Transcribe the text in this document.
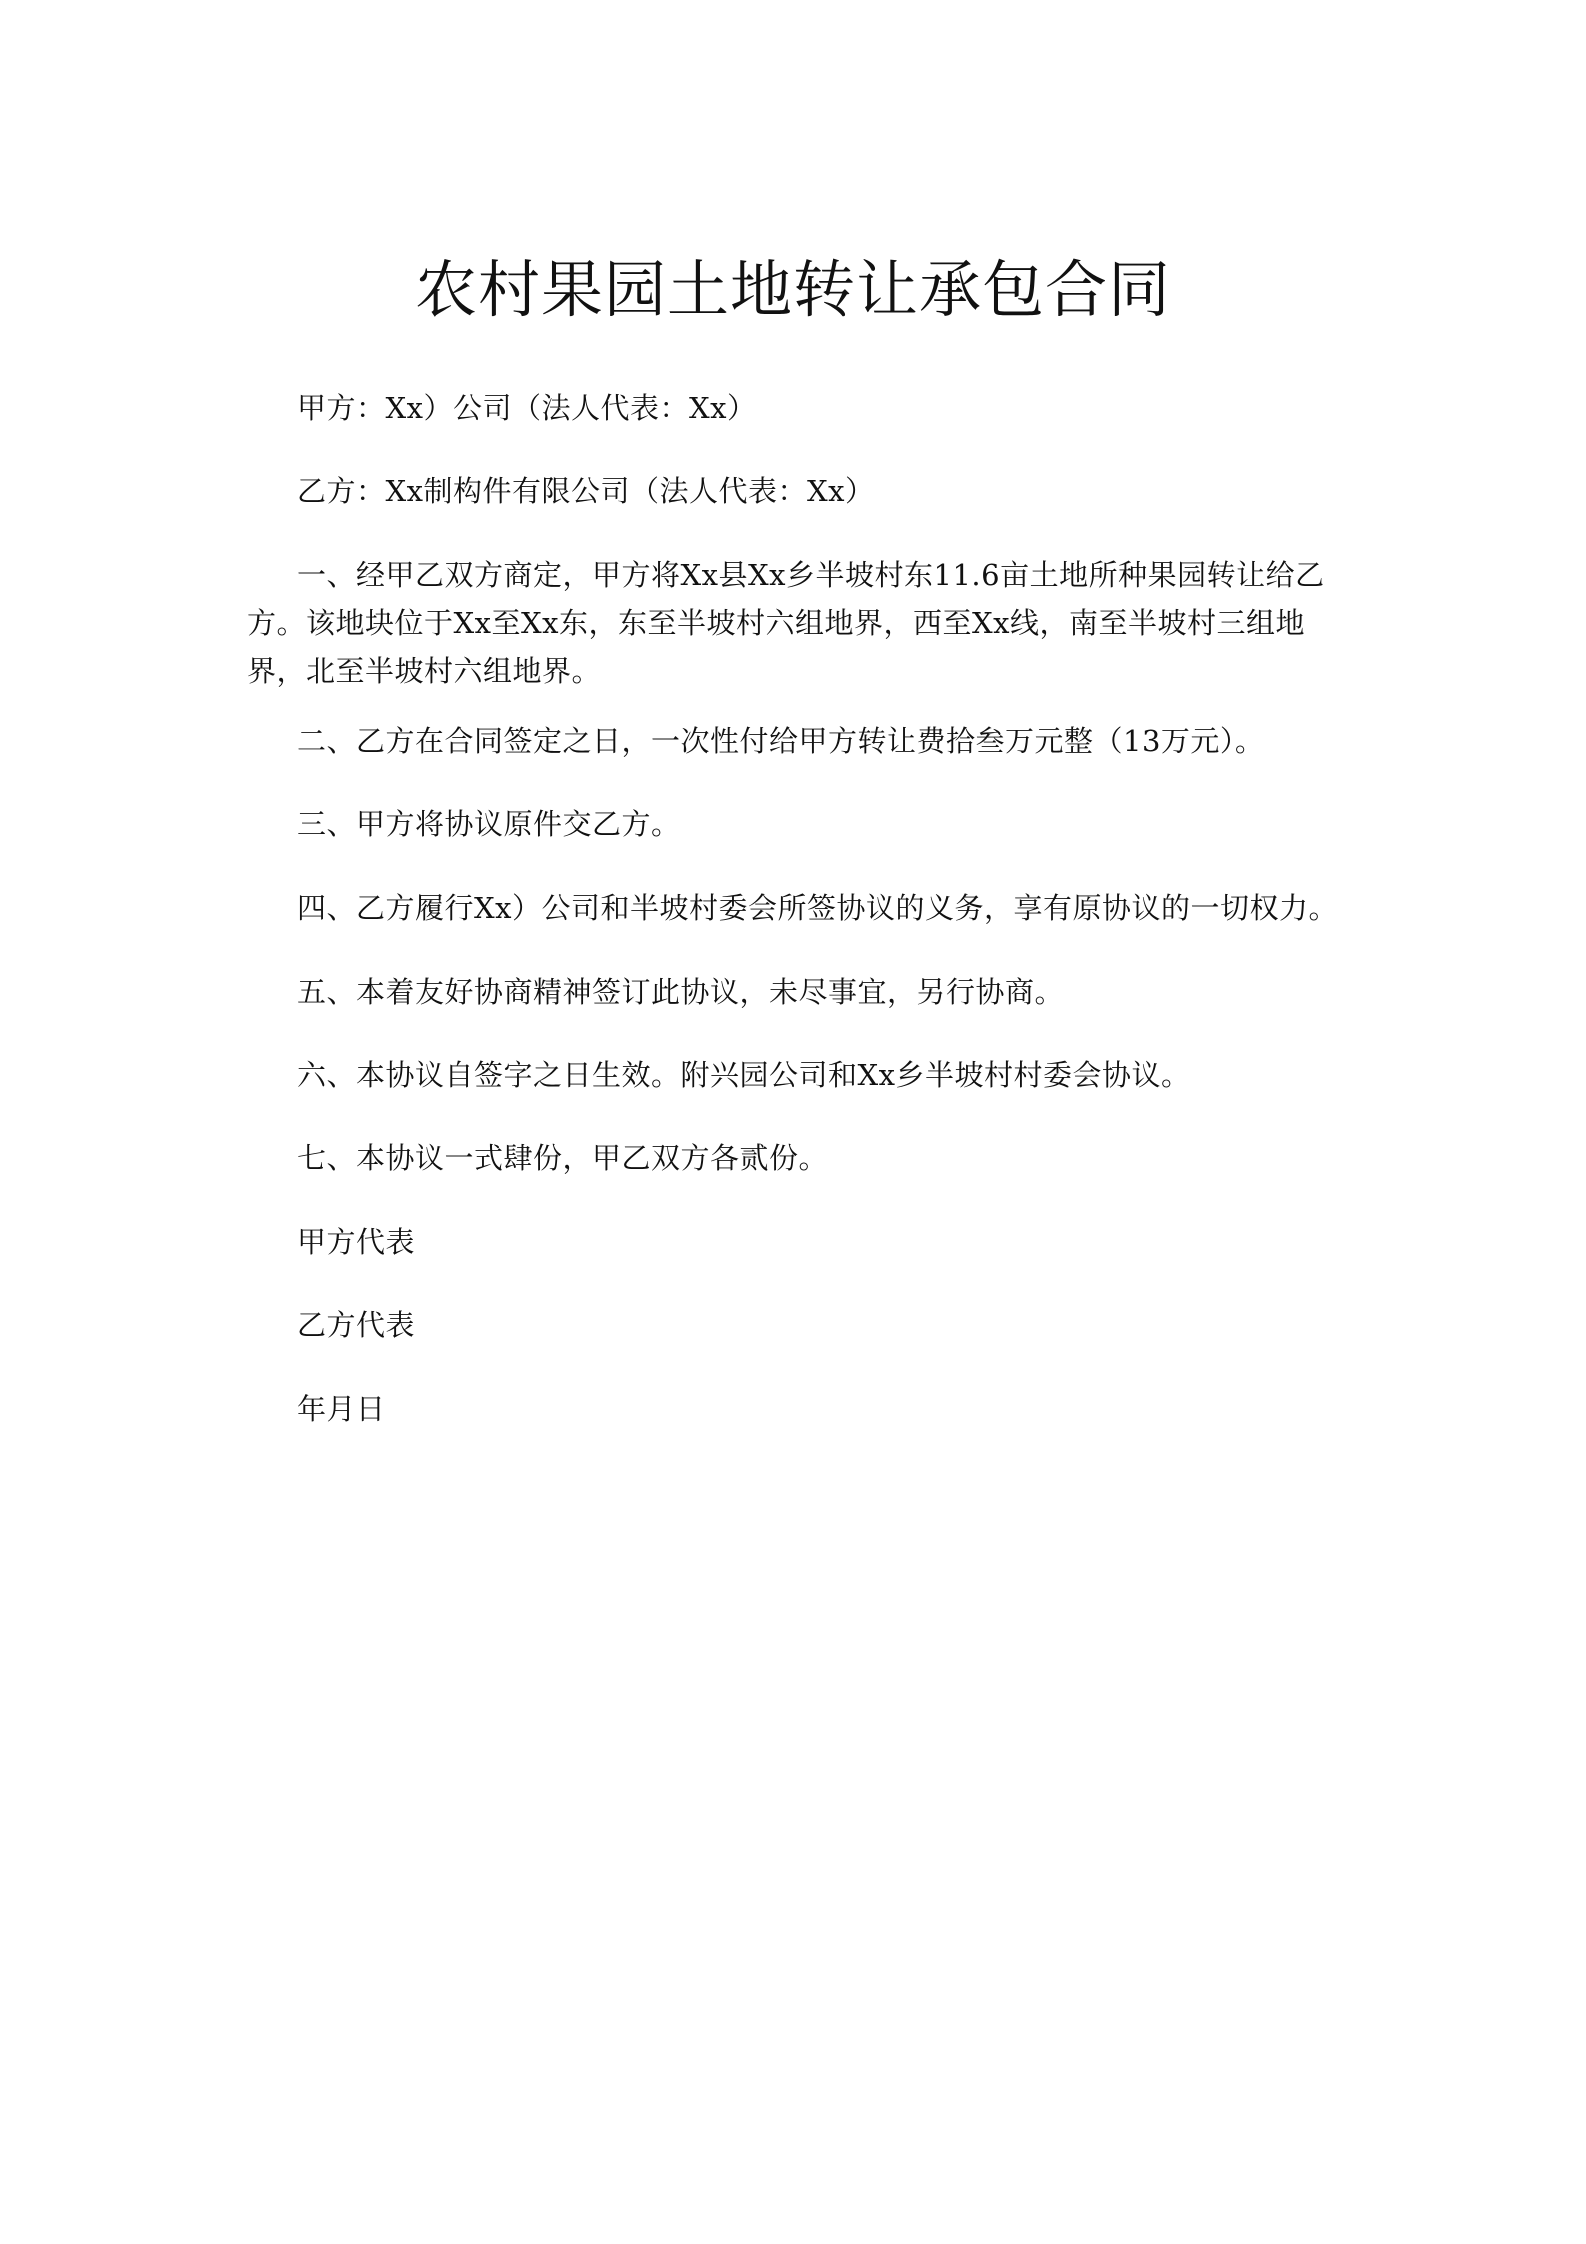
农村果园土地转让承包合同

甲方：Xx）公司（法人代表：Xx）

乙方：Xx制构件有限公司（法人代表：Xx）

一、经甲乙双方商定，甲方将Xx县Xx乡半坡村东11.6亩土地所种果园转让给乙方。该地块位于Xx至Xx东，东至半坡村六组地界，西至Xx线，南至半坡村三组地界，北至半坡村六组地界。

二、乙方在合同签定之日，一次性付给甲方转让费拾叁万元整（13万元）。

三、甲方将协议原件交乙方。

四、乙方履行Xx）公司和半坡村委会所签协议的义务，享有原协议的一切权力。

五、本着友好协商精神签订此协议，未尽事宜，另行协商。

六、本协议自签字之日生效。附兴园公司和Xx乡半坡村村委会协议。

七、本协议一式肆份，甲乙双方各贰份。

甲方代表

乙方代表

年月日
